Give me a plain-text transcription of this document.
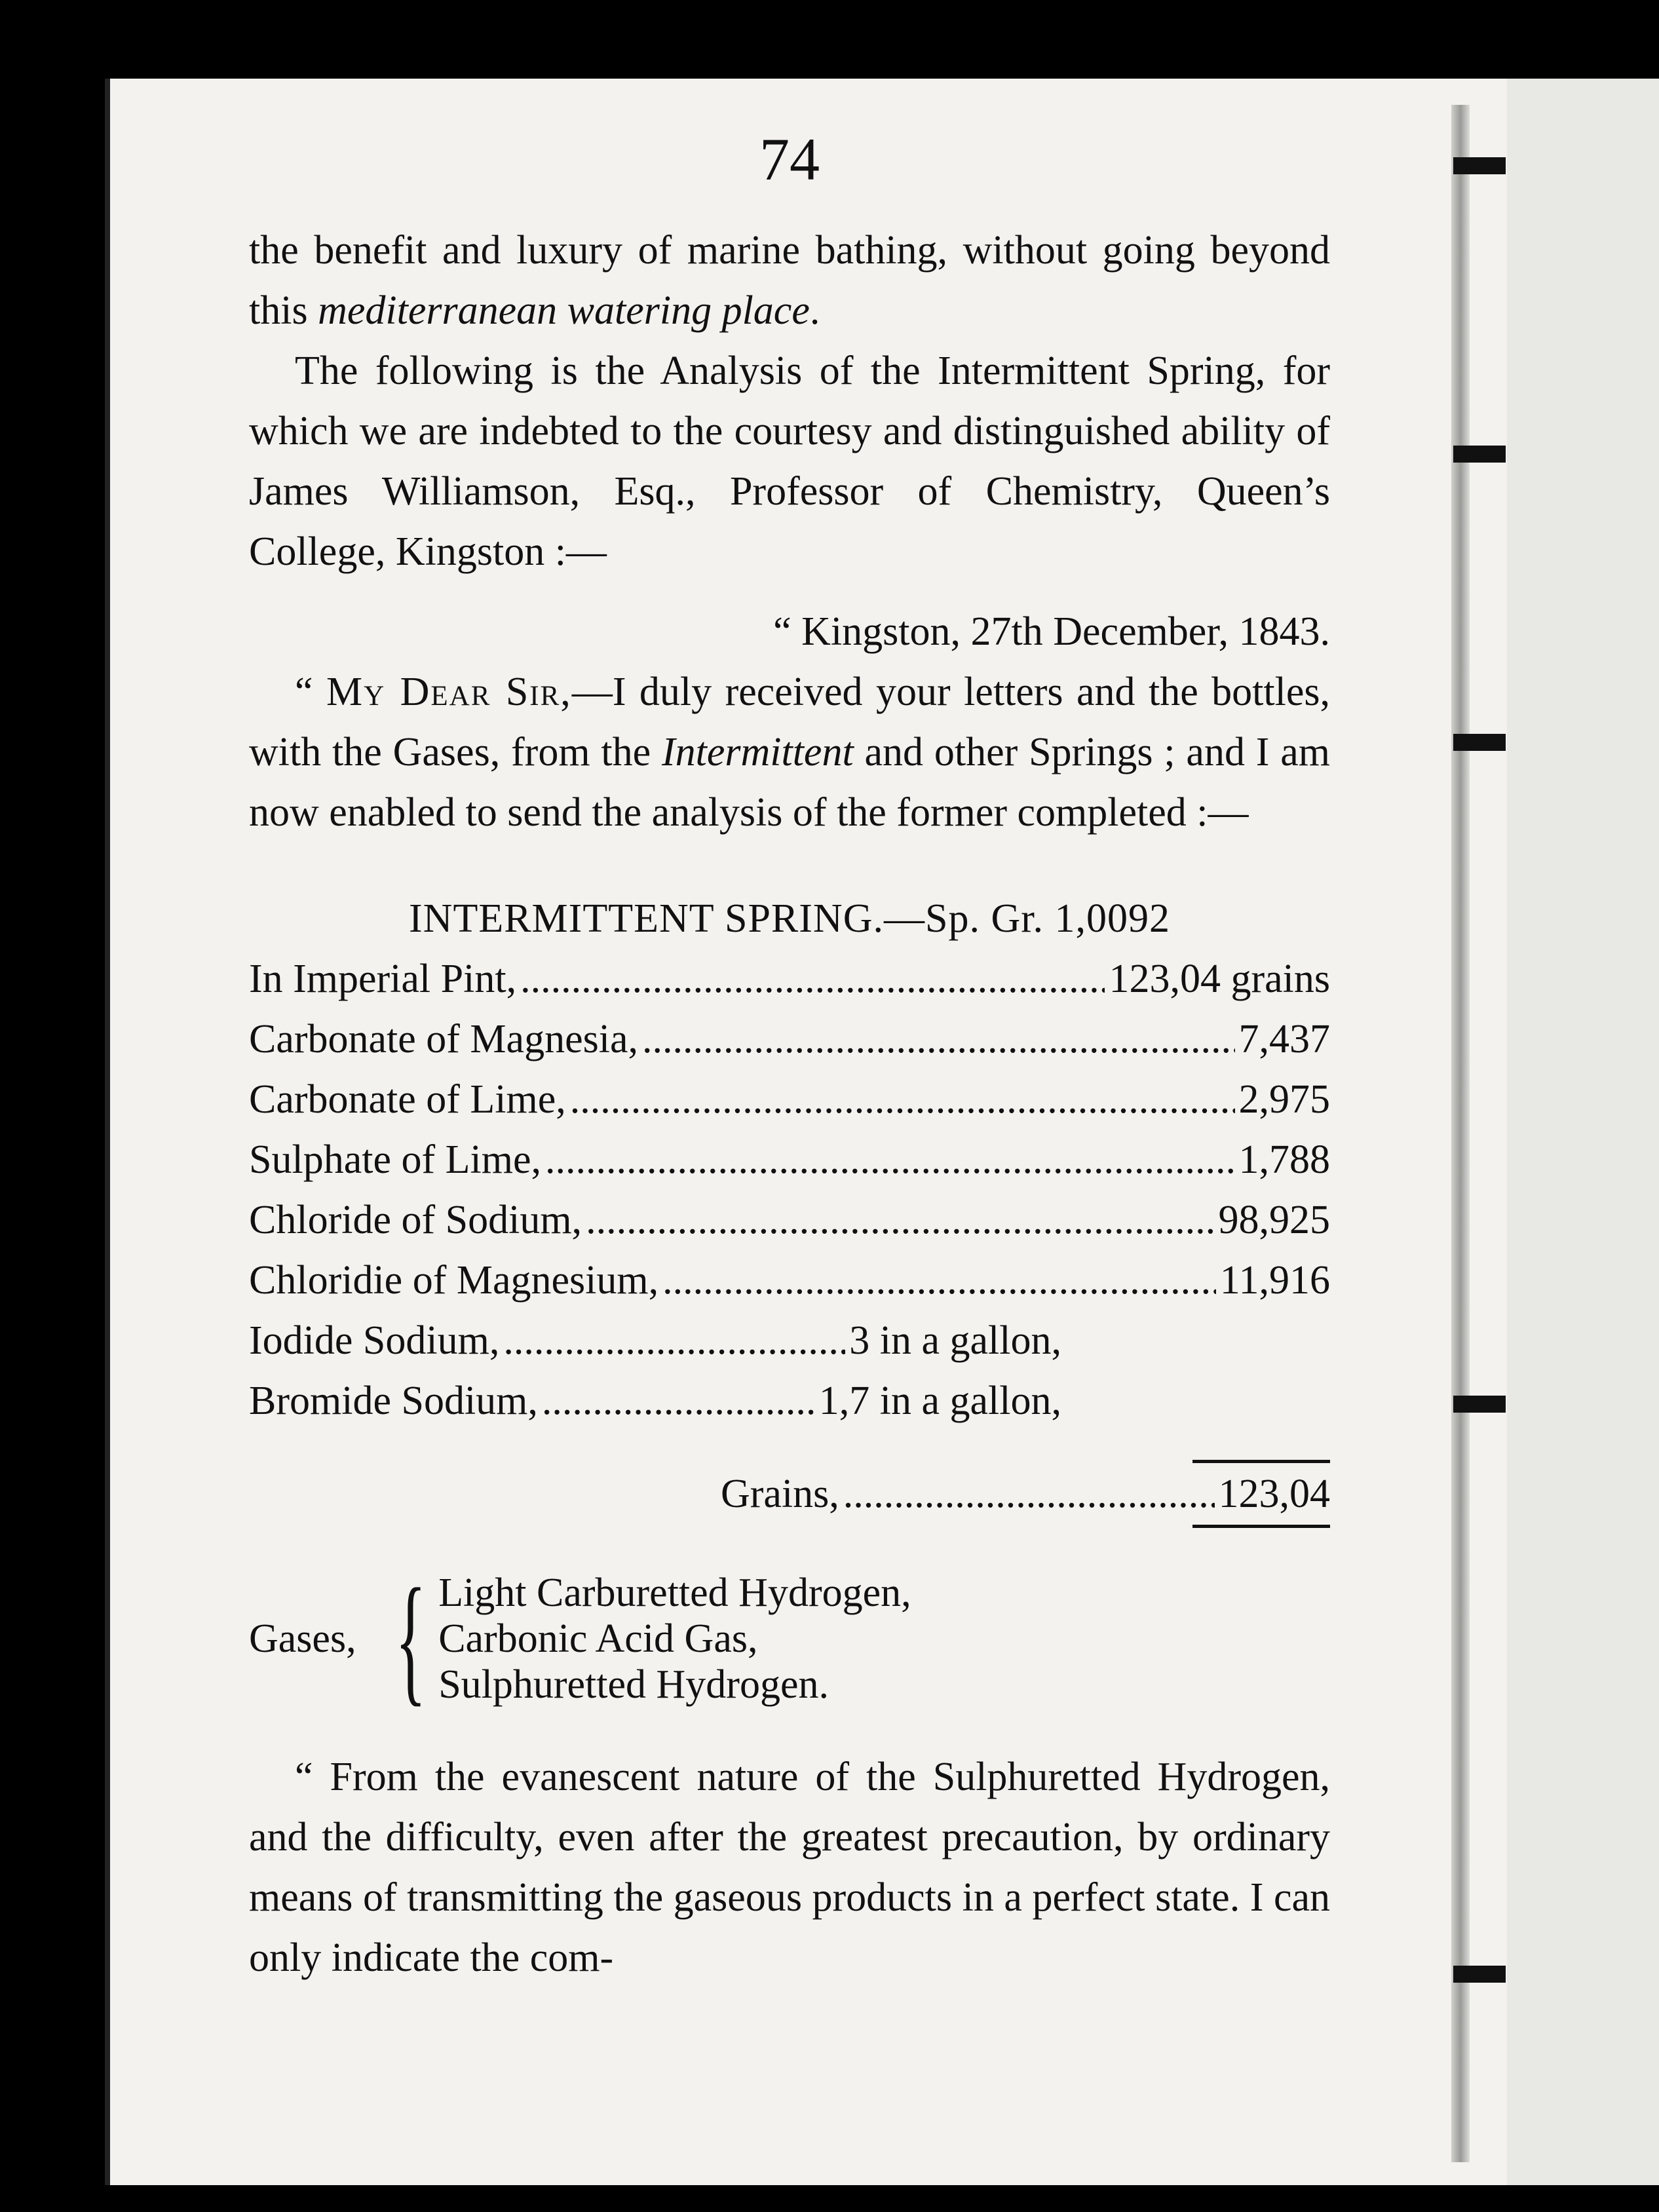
74

the benefit and luxury of marine bathing, without going beyond this mediterranean watering place.

The following is the Analysis of the Intermittent Spring, for which we are indebted to the courtesy and distinguished ability of James Williamson, Esq., Professor of Chemistry, Queen’s College, Kingston :—

“ Kingston, 27th December, 1843.

“ My Dear Sir,—I duly received your letters and the bottles, with the Gases, from the Intermittent and other Springs ; and I am now enabled to send the analysis of the former completed :—

INTERMITTENT SPRING.—Sp. Gr. 1,0092
In Imperial Pint, .....	123,04 grains
Carbonate of Magnesia, .....	7,437
Carbonate of Lime, .....	2,975
Sulphate of Lime, .....	1,788
Chloride of Sodium, .....	98,925
Chloridie of Magnesium, .....	11,916
Iodide Sodium, .....	3 in a gallon,
Bromide Sodium, .....	1,7 in a gallon,
Grains, .....	123,04
Gases, { Light Carburetted Hydrogen,
Carbonic Acid Gas,
Sulphuretted Hydrogen.

“ From the evanescent nature of the Sulphuretted Hydrogen, and the difficulty, even after the greatest precaution, by ordinary means of transmitting the gaseous products in a perfect state. I can only indicate the com-
